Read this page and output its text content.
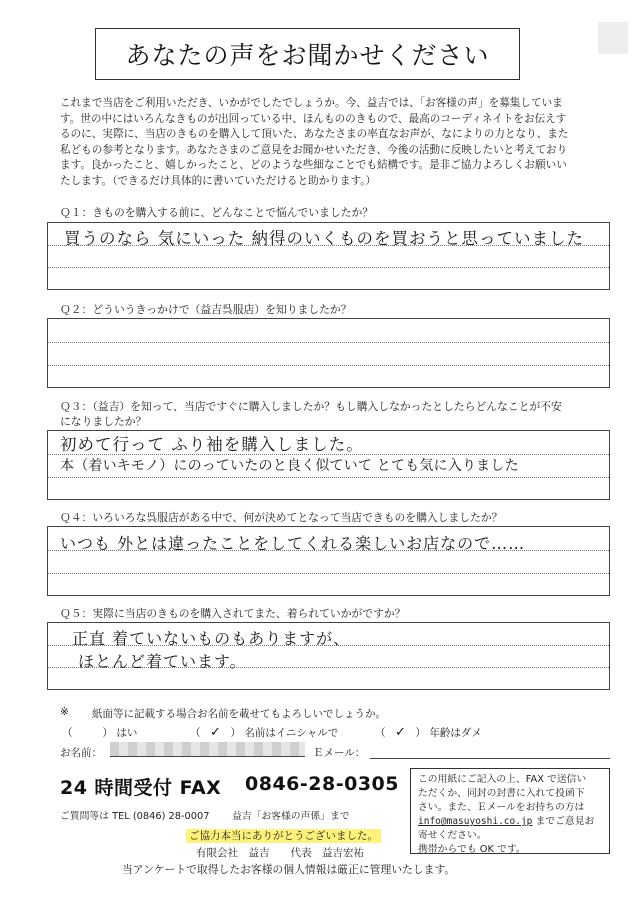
あなたの声をお聞かせください
これまで当店をご利用いただき、いかがでしたでしょうか。今、益吉では、「お客様の声」を募集していま
す。世の中にはいろんなきものが出回っている中、ほんもののきもので、最高のコーディネイトをお伝えす
るのに、実際に、当店のきものを購入して頂いた、あなたさまの率直なお声が、なによりの力となり、また
私どもの参考となります。あなたさまのご意見をお聞かせいただき、今後の活動に反映したいと考えており
ます。良かったこと、嬉しかったこと、どのような些細なことでも結構です。是非ご協力よろしくお願いい
たします。（できるだけ具体的に書いていただけると助かります。）
Ｑ１：きものを購入する前に、どんなことで悩んでいましたか？
買うのなら 気にいった 納得のいくものを買おうと思っていました
Ｑ２：どういうきっかけで（益吉呉服店）を知りましたか？
Ｑ３：（益吉）を知って、当店ですぐに購入しましたか？もし購入しなかったとしたらどんなことが不安
になりましたか？
初めて行って ふり袖を購入しました。
本（着いキモノ）にのっていたのと良く似ていて とても気に入りました
Ｑ４：いろいろな呉服店がある中で、何が決めてとなって当店できものを購入しましたか？
いつも 外とは違ったことをしてくれる楽しいお店なので……
Ｑ５：実際に当店のきものを購入されてまた、着られていかがですか？
正直 着ていないものもありますが、
ほとんど着ています。
※ 紙面等に記載する場合お名前を載せてもよろしいでしょうか。
（	） はい	（ ✓ ） 名前はイニシャルで	（ ✓ ） 年齢はダメ
お名前：	Ｅメール：
24 時間受付 FAX 0846-28-0305
ご質問等は TEL (0846) 28-0007 益吉「お客様の声係」まで
ご協力本当にありがとうございました。
有限会社　益吉　　代表　益吉宏祐
当アンケートで取得したお客様の個人情報は厳正に管理いたします。
この用紙にご記入の上、FAX で送信い
ただくか、同封の封書に入れて投函下
さい。また、Ｅメールをお持ちの方は
info@masuyoshi.co.jp までご意見お
寄せください。
携帯からでも OK です。
